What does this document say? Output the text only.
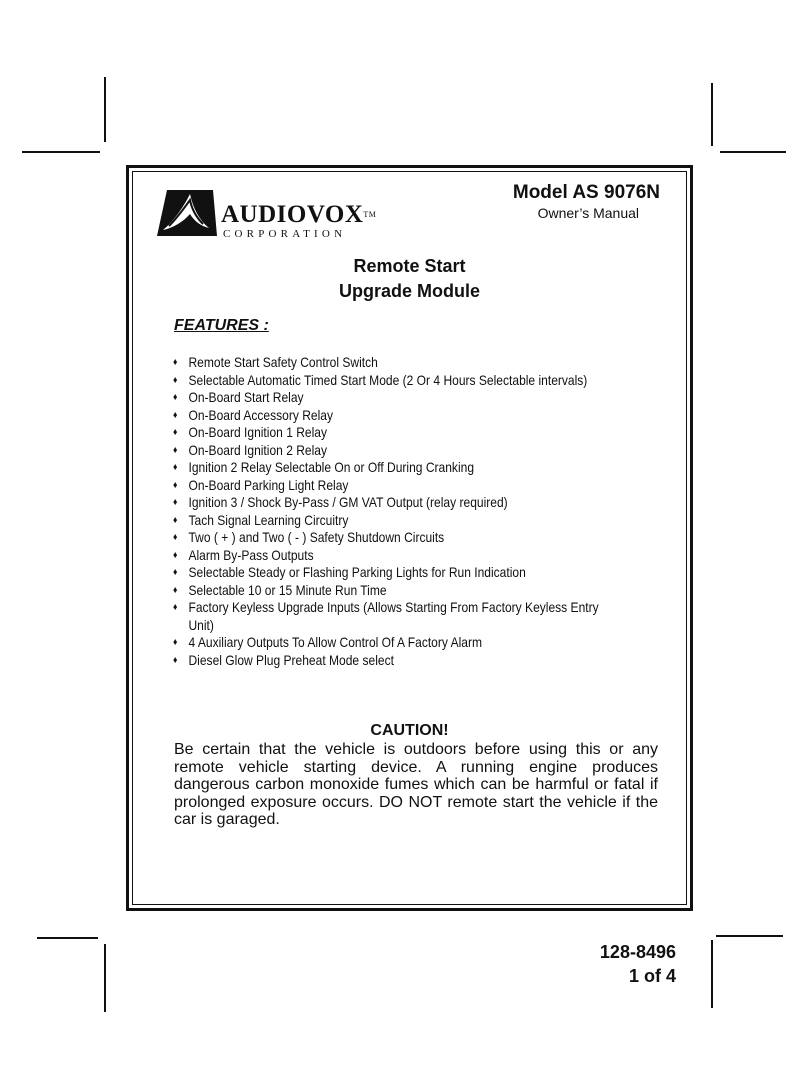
AUDIOVOX™
CORPORATION
Model AS 9076N
Owner’s Manual
Remote Start
Upgrade Module
FEATURES :
♦ Remote Start Safety Control Switch
♦ Selectable Automatic Timed Start Mode (2 Or 4 Hours Selectable intervals)
♦ On-Board Start Relay
♦ On-Board Accessory Relay
♦ On-Board Ignition 1 Relay
♦ On-Board Ignition 2 Relay
♦ Ignition 2 Relay Selectable On or Off During Cranking
♦ On-Board Parking Light Relay
♦ Ignition 3 / Shock By-Pass / GM VAT Output (relay required)
♦ Tach Signal Learning Circuitry
♦ Two ( + ) and Two ( - ) Safety Shutdown Circuits
♦ Alarm By-Pass Outputs
♦ Selectable Steady or Flashing Parking Lights for Run Indication
♦ Selectable 10 or 15 Minute Run Time
♦ Factory Keyless Upgrade Inputs (Allows Starting From Factory Keyless Entry Unit)
♦ 4 Auxiliary Outputs To Allow Control Of A Factory Alarm
♦ Diesel Glow Plug Preheat Mode select
CAUTION!
Be certain that the vehicle is outdoors before using this or any remote vehicle starting device. A running engine produces dangerous carbon monoxide fumes which can be harmful or fatal if prolonged exposure occurs. DO NOT remote start the vehicle if the car is garaged.
128-8496
1 of 4
